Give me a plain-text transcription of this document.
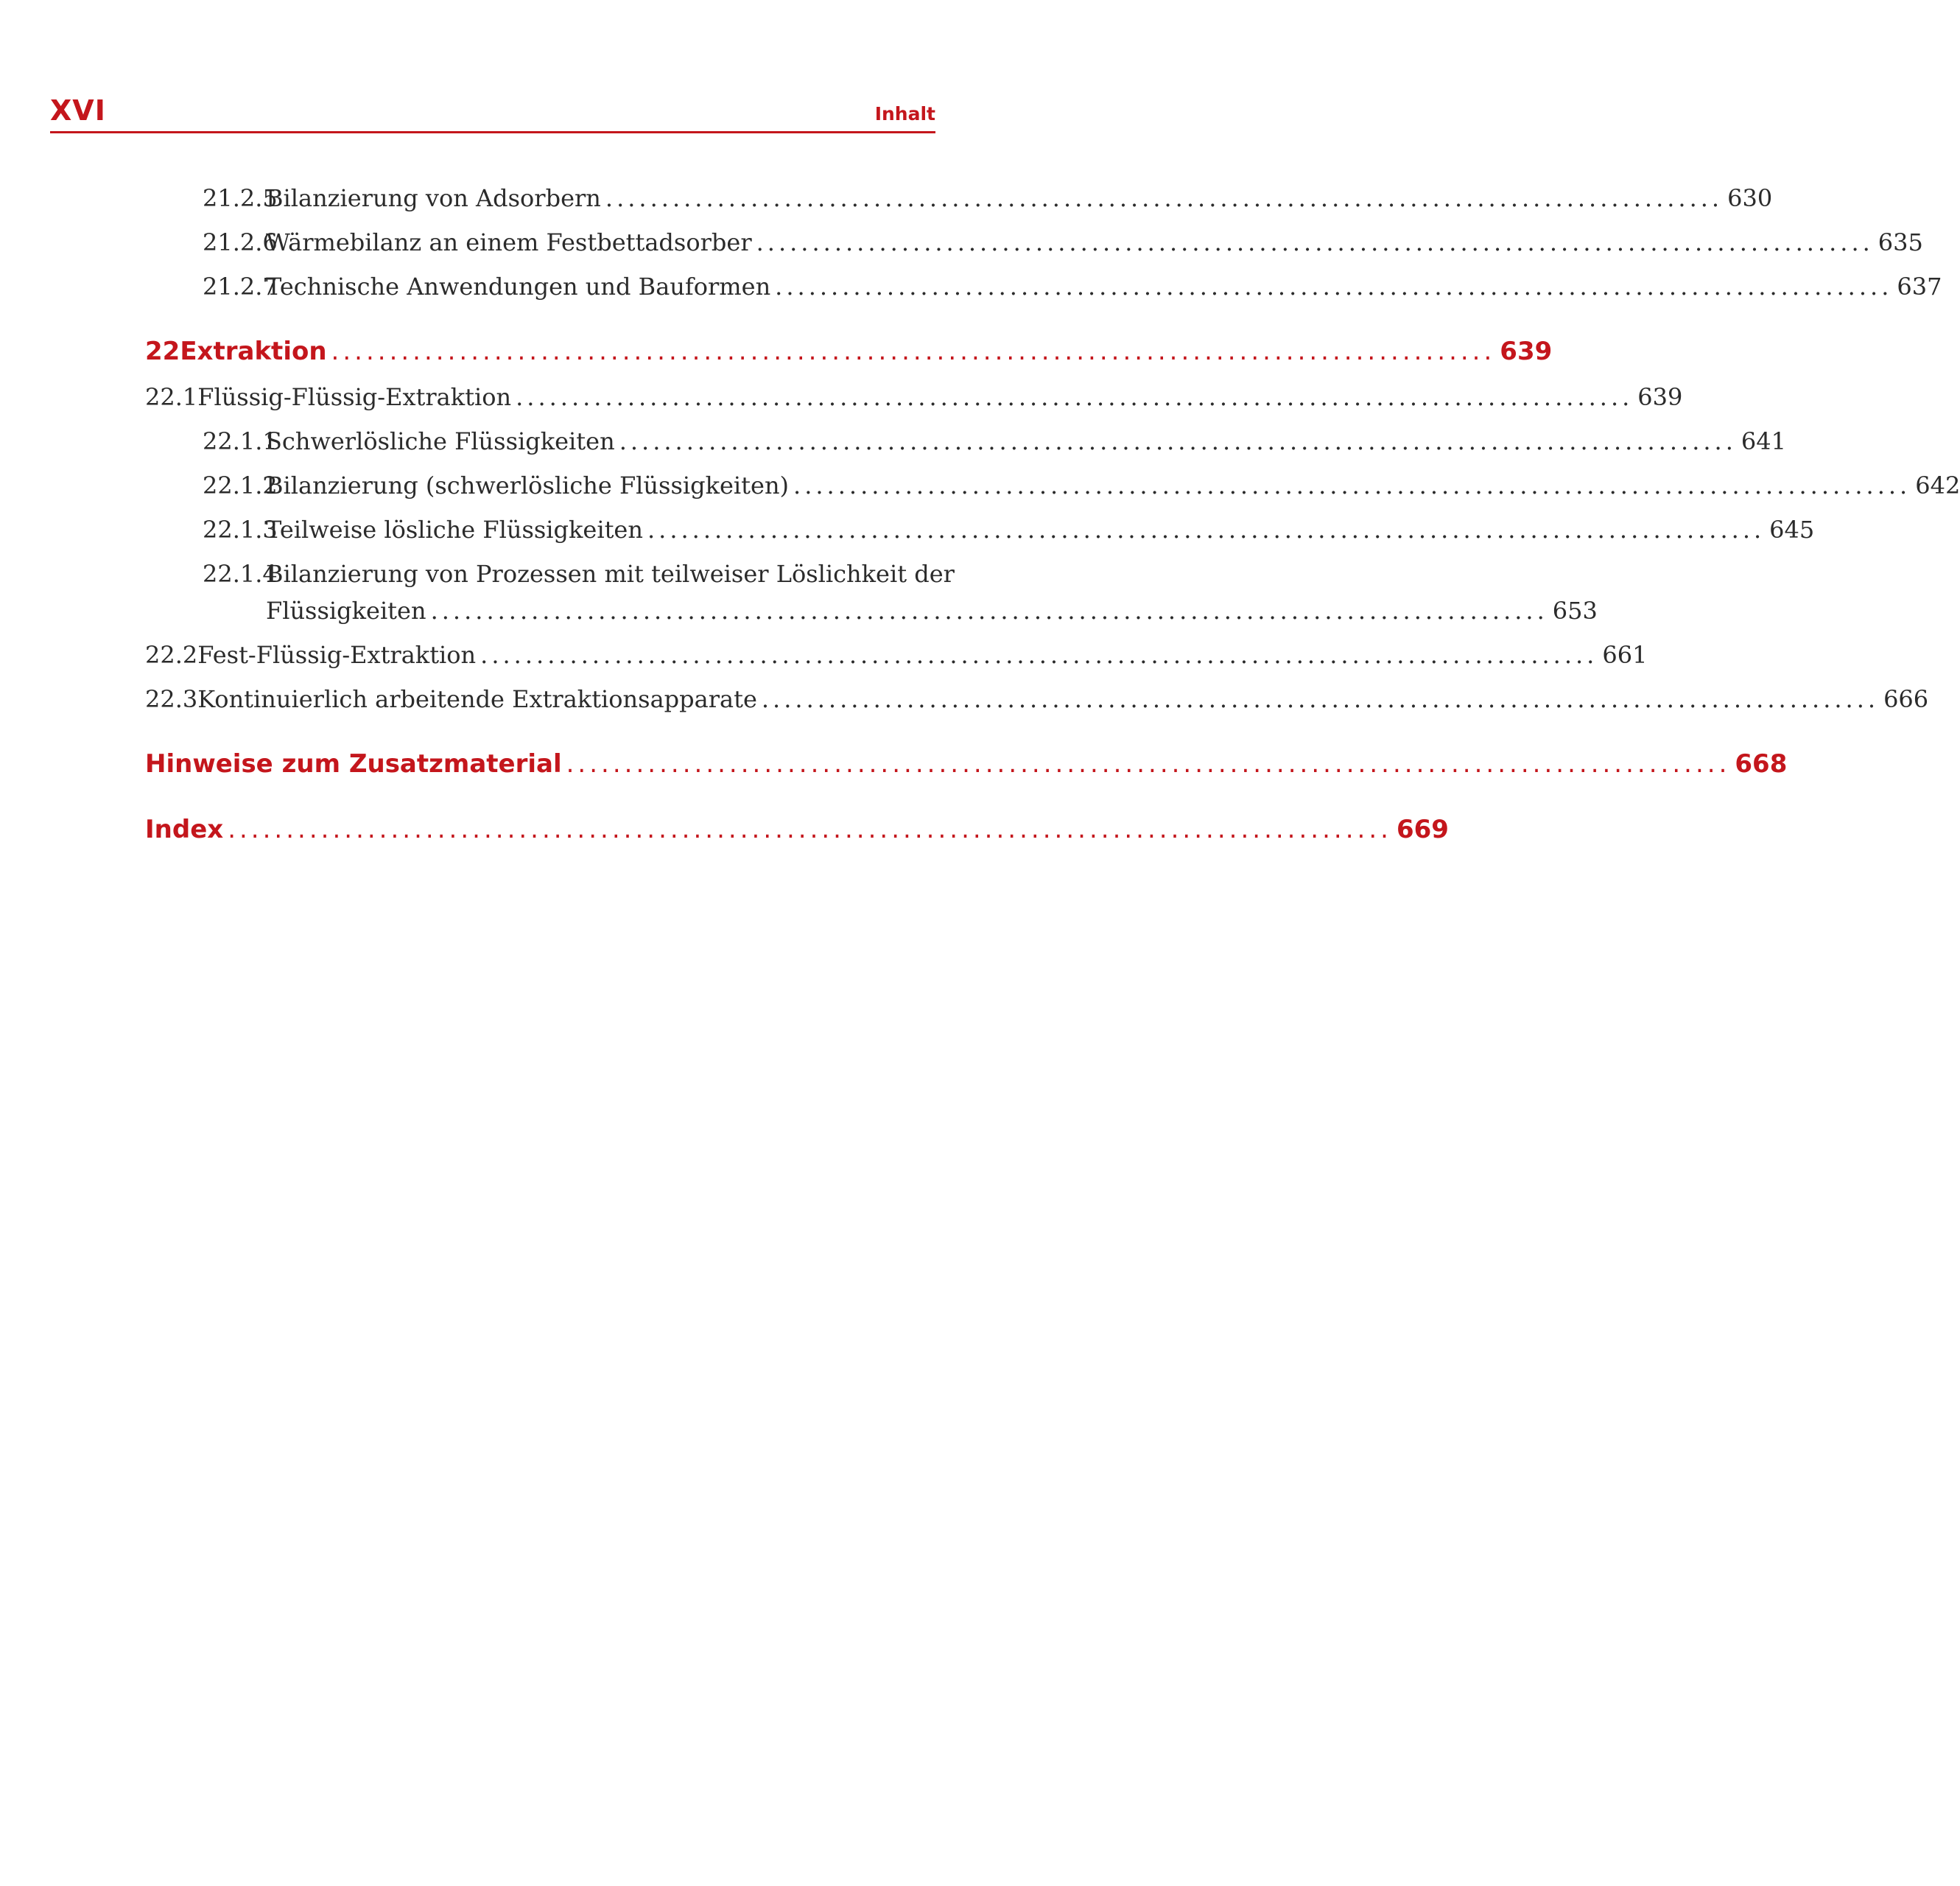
XVI	Inhalt
21.2.5
Bilanzierung von Adsorbern .................................................................................................... 630
21.2.6
Wärmebilanz an einem Festbettadsorber .................................................................................................... 635
21.2.7
Technische Anwendungen und Bauformen .................................................................................................... 637
22 Extraktion .................................................................................................... 639
22.1 Flüssig-Flüssig-Extraktion .................................................................................................... 639
22.1.1
Schwerlösliche Flüssigkeiten .................................................................................................... 641
22.1.2
Bilanzierung (schwerlösliche Flüssigkeiten) .................................................................................................... 642
22.1.3
Teilweise lösliche Flüssigkeiten .................................................................................................... 645
22.1.4
Bilanzierung von Prozessen mit teilweiser Löslichkeit der
Flüssigkeiten .................................................................................................... 653
22.2 Fest-Flüssig-Extraktion .................................................................................................... 661
22.3 Kontinuierlich arbeitende Extraktionsapparate .................................................................................................... 666
Hinweise zum Zusatzmaterial .................................................................................................... 668
Index .................................................................................................... 669
